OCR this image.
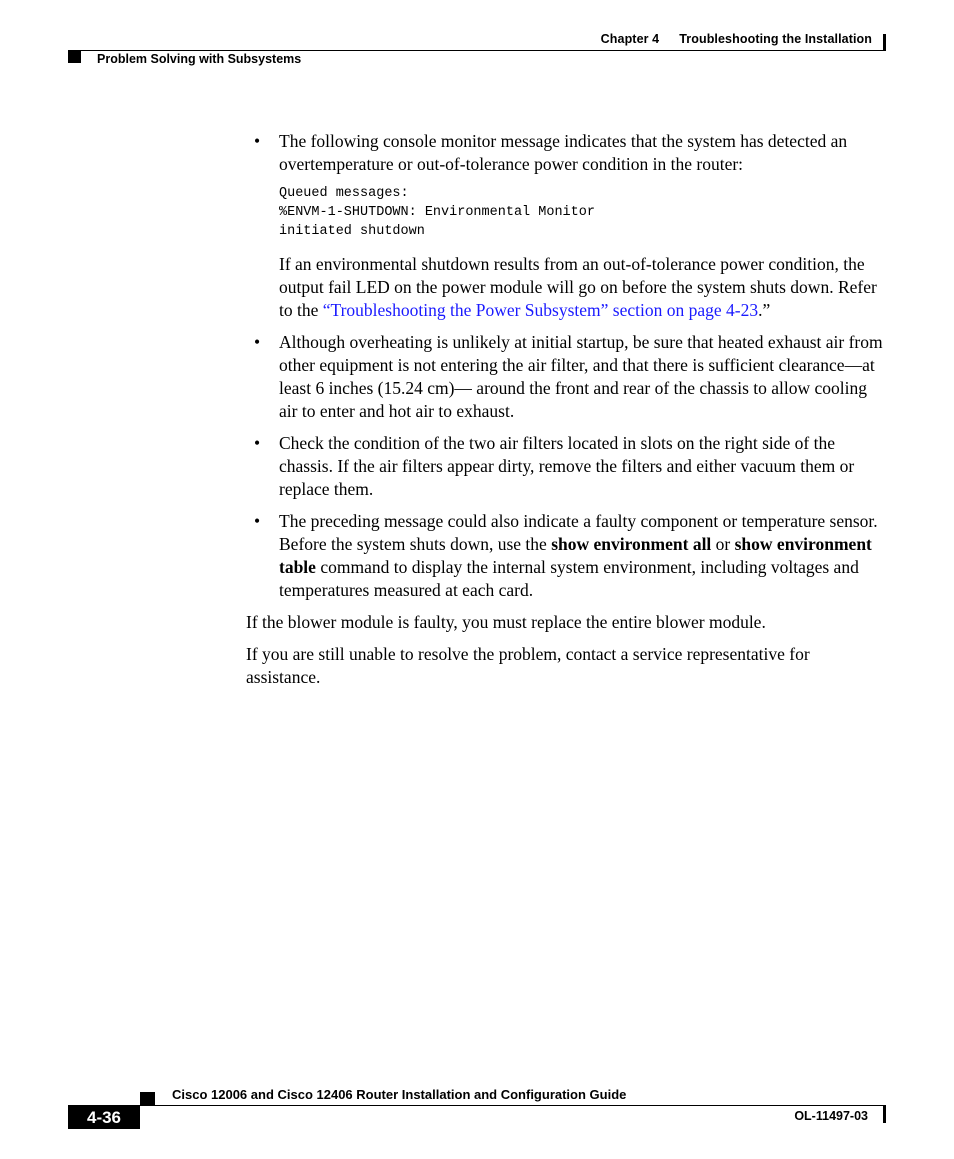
Chapter 4 Troubleshooting the Installation
Problem Solving with Subsystems
• The following console monitor message indicates that the system has detected an overtemperature or out-of-tolerance power condition in the router:

Queued messages:
%ENVM-1-SHUTDOWN: Environmental Monitor
initiated shutdown

If an environmental shutdown results from an out-of-tolerance power condition, the output fail LED on the power module will go on before the system shuts down. Refer to the “Troubleshooting the Power Subsystem” section on page 4-23.”

• Although overheating is unlikely at initial startup, be sure that heated exhaust air from other equipment is not entering the air filter, and that there is sufficient clearance—at least 6 inches (15.24 cm)— around the front and rear of the chassis to allow cooling air to enter and hot air to exhaust.

• Check the condition of the two air filters located in slots on the right side of the chassis. If the air filters appear dirty, remove the filters and either vacuum them or replace them.

• The preceding message could also indicate a faulty component or temperature sensor. Before the system shuts down, use the show environment all or show environment table command to display the internal system environment, including voltages and temperatures measured at each card.

If the blower module is faulty, you must replace the entire blower module.

If you are still unable to resolve the problem, contact a service representative for assistance.

Cisco 12006 and Cisco 12406 Router Installation and Configuration Guide
4-36	OL-11497-03
